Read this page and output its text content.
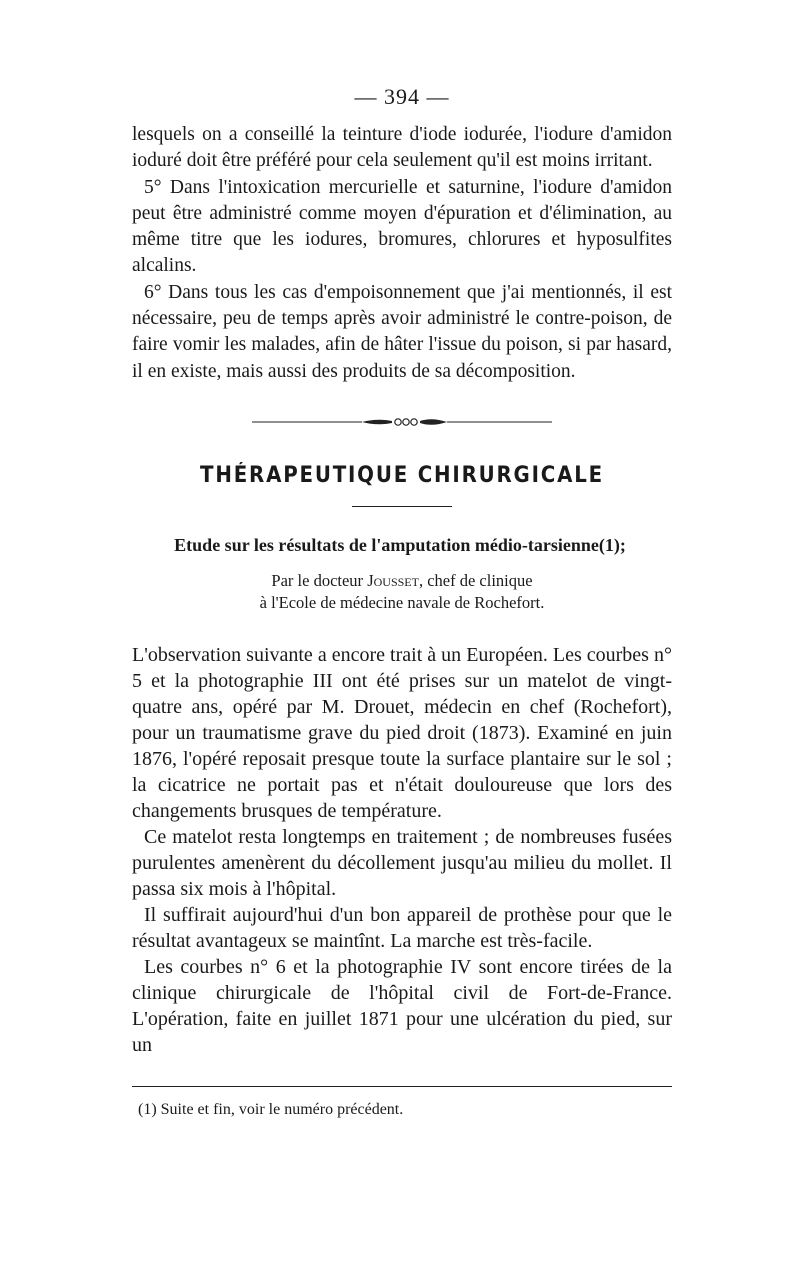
— 394 —

lesquels on a conseillé la teinture d'iode iodurée, l'iodure d'amidon ioduré doit être préféré pour cela seulement qu'il est moins irritant.

5° Dans l'intoxication mercurielle et saturnine, l'iodure d'amidon peut être administré comme moyen d'épuration et d'élimination, au même titre que les iodures, bromures, chlorures et hyposulfites alcalins.

6° Dans tous les cas d'empoisonnement que j'ai mentionnés, il est nécessaire, peu de temps après avoir administré le contre-poison, de faire vomir les malades, afin de hâter l'issue du poison, si par hasard, il en existe, mais aussi des produits de sa décomposition.

THÉRAPEUTIQUE CHIRURGICALE
Etude sur les résultats de l'amputation médio-tarsienne(1);
Par le docteur Jousset, chef de clinique
à l'Ecole de médecine navale de Rochefort.

L'observation suivante a encore trait à un Européen. Les courbes n° 5 et la photographie III ont été prises sur un matelot de vingt-quatre ans, opéré par M. Drouet, médecin en chef (Rochefort), pour un traumatisme grave du pied droit (1873). Examiné en juin 1876, l'opéré reposait presque toute la surface plantaire sur le sol ; la cicatrice ne portait pas et n'était douloureuse que lors des changements brusques de température.

Ce matelot resta longtemps en traitement ; de nombreuses fusées purulentes amenèrent du décollement jusqu'au milieu du mollet. Il passa six mois à l'hôpital.

Il suffirait aujourd'hui d'un bon appareil de prothèse pour que le résultat avantageux se maintînt. La marche est très-facile.

Les courbes n° 6 et la photographie IV sont encore tirées de la clinique chirurgicale de l'hôpital civil de Fort-de-France. L'opération, faite en juillet 1871 pour une ulcération du pied, sur un

(1) Suite et fin, voir le numéro précédent.
